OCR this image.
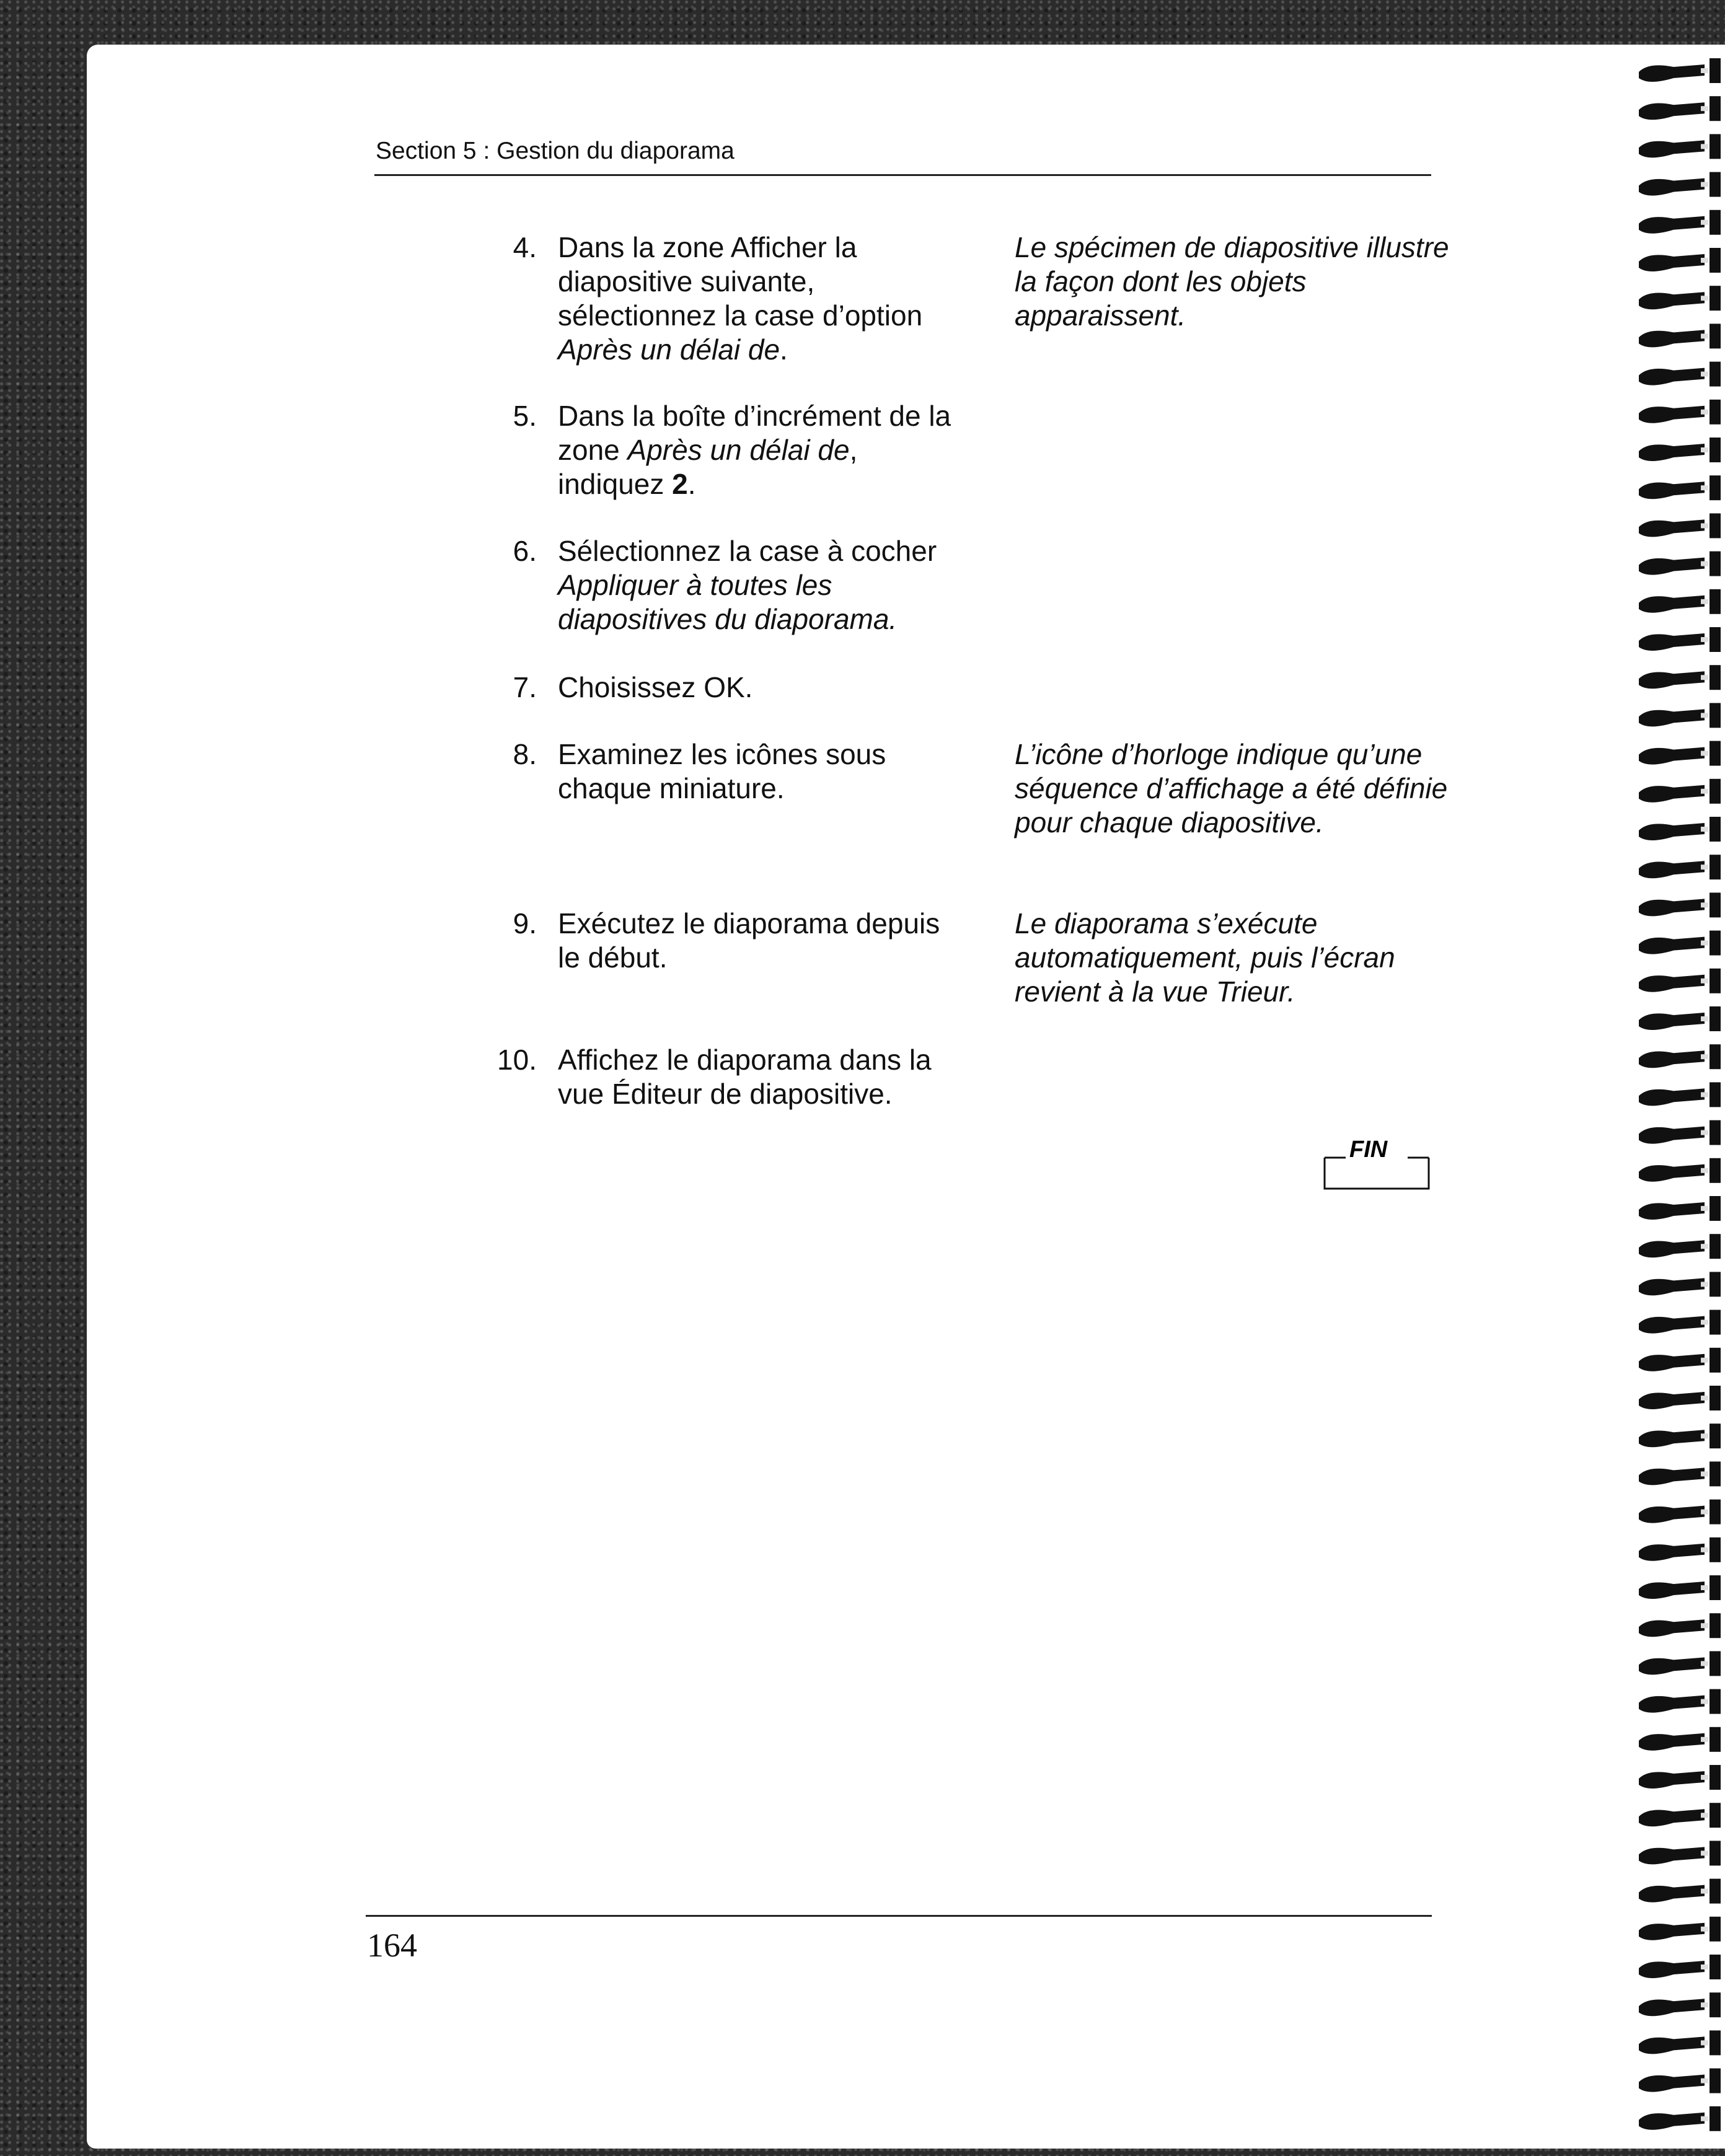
Section 5 : Gestion du diaporama
4. Dans la zone Afficher la diapositive suivante, sélectionnez la case d’option Après un délai de.
5. Dans la boîte d’incrément de la zone Après un délai de, indiquez 2.
6. Sélectionnez la case à cocher Appliquer à toutes les diapositives du diaporama.
7. Choisissez OK.
8. Examinez les icônes sous chaque miniature.
9. Exécutez le diaporama depuis le début.
10. Affichez le diaporama dans la vue Éditeur de diapositive.
Le spécimen de diapositive illustre la façon dont les objets apparaissent.
L’icône d’horloge indique qu’une séquence d’affichage a été définie pour chaque diapositive.
Le diaporama s’exécute automatiquement, puis l’écran revient à la vue Trieur.
FIN
164
